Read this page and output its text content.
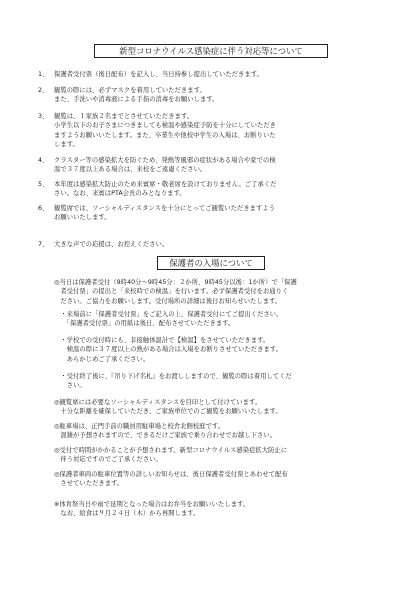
新型コロナウイルス感染症に伴う対応等について
1、 保護者受付票（後日配布）を記入し、当日持参し提出していただきます。
2、 観覧の際には、必ずマスクを着用していただきます。
また、手洗いや消毒液による手指の消毒をお願いします。
3、 観覧は、１家族２名までとさせていただきます。
小学生以下のお子さまにつきましても検温や感染症予防を十分にしていただき
ますようお願いいたします。また、卒業生や他校中学生の入場は、お断りいた
します。
4、 クラスター等の感染拡大を防ぐため、発熱等風邪の症状がある場合や家での検
温で３７度以上ある場合は、来校をご遠慮ください。
5、 本年度は感染拡大防止のため来賓席・敬老席を設けておりません。ご了承くだ
さい。なお、来賓はPTA会長のみとなります。
6、 観覧席では、ソーシャルディスタンスを十分にとってご観覧いただきますよう
お願いいたします。
7、 大きな声での応援は、お控えください。
保護者の入場について
◎当日は保護者受付（9時40分～9時45分：２か所、9時45分以後：1か所）で「保護
　者受付票」の提出と「来校時での検温」を行います。必ず保護者受付をお通りく
　ださい。ご協力をお願いします。受付場所の詳細は後日お知らせいたします。
　・来場前に「保護者受付票」をご記入の上、保護者受付にてご提出ください。
　　「保護者受付票」の用紙は後日、配布させていただきます。
　・学校での受付時にも、非接触体温計で【検温】をさせていただきます。
　　検温の際に３７度以上の熱がある場合は入場をお断りさせていただきます。
　　あらかじめご了承ください。
　・受付終了後に、『吊り下げ名札』をお渡ししますので、観覧の際は着用してくだ
　　さい。
◎観覧席には必要なソーシャルディスタンスを目印として付けています。
　十分な距離を確保していただき、ご家族単位でのご観覧をお願いいたします。
◎駐車場は、正門手前の職員用駐車場と校舎北側校庭です。
　混雑が予想されますので、できるだけご家族で乗り合わせでお越し下さい。
◎受付で時間がかかることが予想されます。新型コロナウイルス感染症拡大防止に
　伴う対応ですのでご了承ください。
◎保護者車両の駐車位置等の詳しいお知らせは、後日保護者受付票とあわせて配布
　させていただきます。
※体育祭当日や雨で延期となった場合はお弁当をお願いいたします。
　なお、給食は９月２４日（木）から再開します。
